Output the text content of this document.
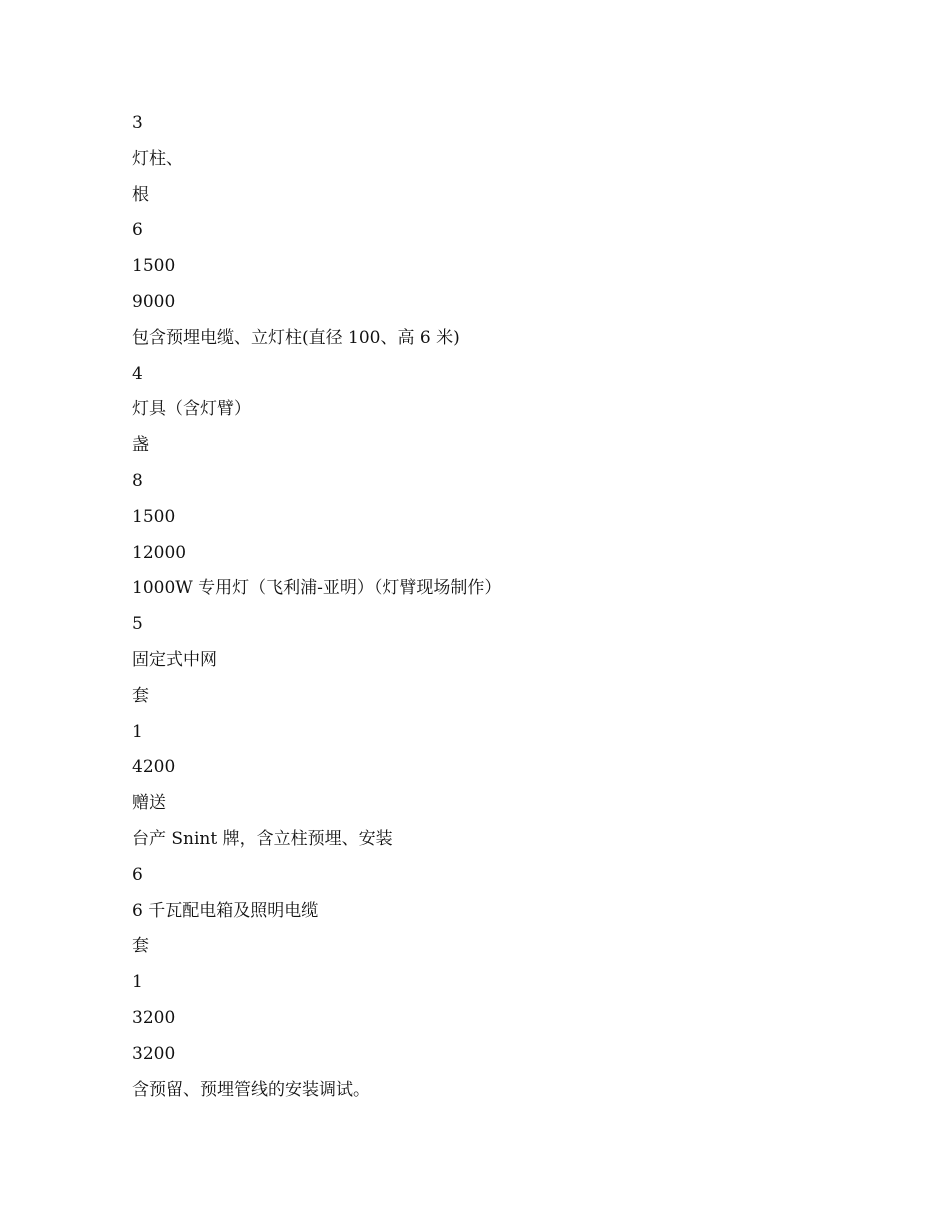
3
灯柱、
根
6
1500
9000
包含预埋电缆、立灯柱(直径 100、高 6 米)
4
灯具（含灯臂）
盏
8
1500
12000
1000W 专用灯（飞利浦-亚明）（灯臂现场制作）
5
固定式中网
套
1
4200
赠送
台产 Snint 牌，含立柱预埋、安装
6
6 千瓦配电箱及照明电缆
套
1
3200
3200
含预留、预埋管线的安装调试。
